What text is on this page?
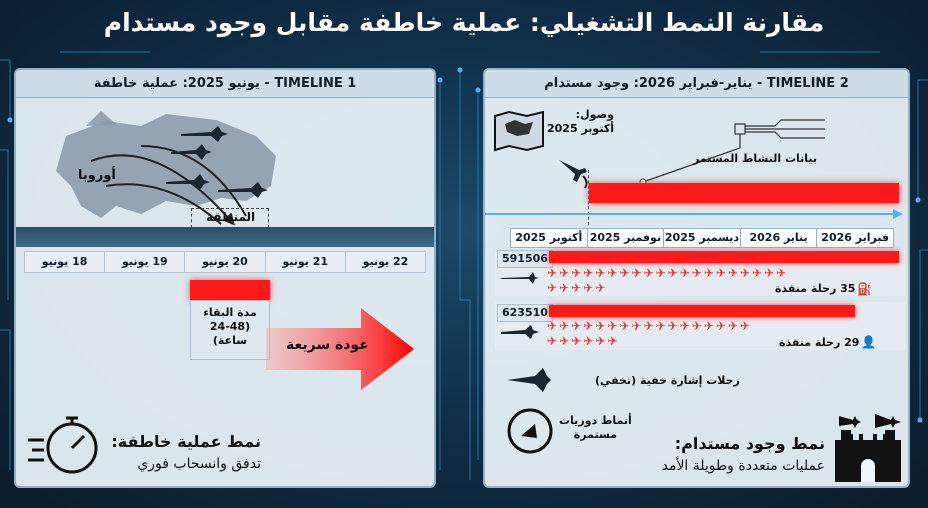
مقارنة النمط التشغيلي: عملية خاطفة مقابل وجود مستدام
TIMELINE 1 - يونيو 2025: عملية خاطفة
أوروبا
المنطقة
18 يونيو	19 يونيو	20 يونيو	21 يونيو	22 يونيو
مدة البقاء
(24-48 ساعة)	عودة سريعة
نمط عملية خاطفة:
تدفق وانسحاب فوري
TIMELINE 2 - يناير-فبراير 2026: وجود مستدام
وصول:
أكتوبر 2025
بيانات النشاط المستمر
أكتوبر 2025 نوفمبر 2025 ديسمبر 2025 يناير 2026	فبراير 2026
591506
✈✈✈✈✈✈✈✈✈✈✈✈✈✈✈✈✈✈✈✈
✈✈✈✈✈	35 رحلة منفذة ⛽
623510
✈✈✈✈✈✈✈✈✈✈✈✈✈✈✈✈✈
✈✈✈✈✈✈	29 رحلة منفذة 👤
رحلات إشارة خفية (تخفي)
أنماط دوريات
مستمرة	نمط وجود مستدام:
عمليات متعددة وطويلة الأمد
